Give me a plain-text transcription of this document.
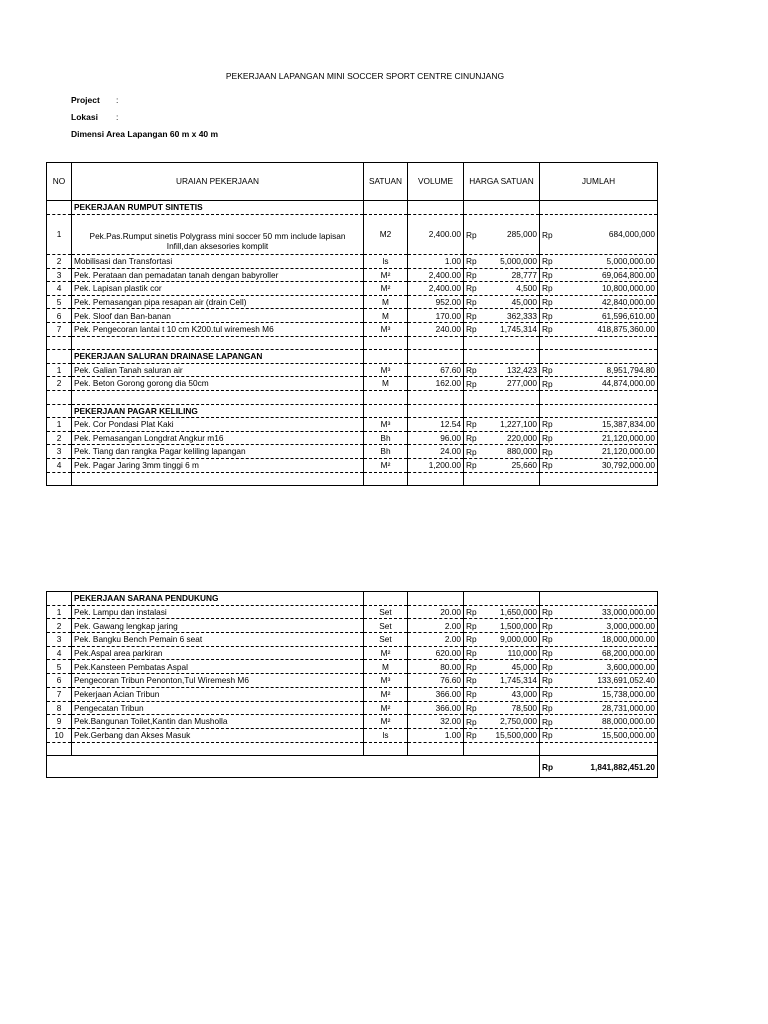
PEKERJAAN LAPANGAN MINI SOCCER SPORT CENTRE CINUNJANG
Project :
Lokasi :
Dimensi Area Lapangan 60 m x 40 m
NO	URAIAN PEKERJAAN	SATUAN	VOLUME	HARGA SATUAN	JUMLAH
	PEKERJAAN RUMPUT SINTETIS				
1	Pek.Pas.Rumput sinetis Polygrass mini soccer 50 mm include lapisan Infill,dan aksesories komplit	M2	2,400.00	Rp 285,000	Rp 684,000,000

2	Mobilisasi dan Transfortasi	ls	1.00	Rp 5,000,000	Rp 5,000,000.00

3	Pek. Perataan dan pemadatan tanah dengan babyroller	M²	2,400.00	Rp 28,777	Rp 69,064,800.00

4	Pek. Lapisan plastik cor	M²	2,400.00	Rp 4,500	Rp 10,800,000.00

5	Pek. Pemasangan pipa resapan air (drain Cell)	M	952.00	Rp 45,000	Rp 42,840,000.00

6	Pek. Sloof dan Ban-banan	M	170.00	Rp 362,333	Rp 61,596,610.00

7	Pek. Pengecoran lantai t 10 cm K200.tul wiremesh M6	M³	240.00	Rp 1,745,314	Rp 418,875,360.00

	PEKERJAAN SALURAN DRAINASE LAPANGAN				
1	Pek. Galian Tanah saluran air	M³	67.60	Rp 132,423	Rp 8,951,794.80

2	Pek. Beton Gorong gorong dia 50cm	M	162.00	Rp 277,000	Rp 44,874,000.00

	PEKERJAAN PAGAR KELILING				
1	Pek. Cor Pondasi Plat Kaki	M³	12.54	Rp 1,227,100	Rp 15,387,834.00

2	Pek. Pemasangan Longdrat Angkur m16	Bh	96.00	Rp 220,000	Rp 21,120,000.00

3	Pek. Tiang dan rangka Pagar keliling lapangan	Bh	24.00	Rp 880,000	Rp 21,120,000.00

4	Pek. Pagar Jaring 3mm tinggi 6 m	M²	1,200.00	Rp 25,660	Rp 30,792,000.00

	PEKERJAAN SARANA PENDUKUNG				
1	Pek. Lampu dan instalasi	Set	20.00	Rp 1,650,000	Rp 33,000,000.00

2	Pek. Gawang lengkap jaring	Set	2.00	Rp 1,500,000	Rp 3,000,000.00

3	Pek. Bangku Bench Pemain 6 seat	Set	2.00	Rp 9,000,000	Rp 18,000,000.00

4	Pek.Aspal area parkiran	M²	620.00	Rp 110,000	Rp 68,200,000.00

5	Pek.Kansteen Pembatas Aspal	M	80.00	Rp 45,000	Rp 3,600,000.00

6	Pengecoran Tribun Penonton,Tul Wiremesh M6	M³	76.60	Rp 1,745,314	Rp 133,691,052.40

7	Pekerjaan Acian Tribun	M²	366.00	Rp 43,000	Rp 15,738,000.00

8	Pengecatan Tribun	M²	366.00	Rp 78,500	Rp 28,731,000.00

9	Pek.Bangunan Toilet,Kantin dan Musholla	M²	32.00	Rp 2,750,000	Rp 88,000,000.00

10	Pek.Gerbang dan Akses Masuk	ls	1.00	Rp 15,500,000	Rp 15,500,000.00

					Rp 1,841,882,451.20
